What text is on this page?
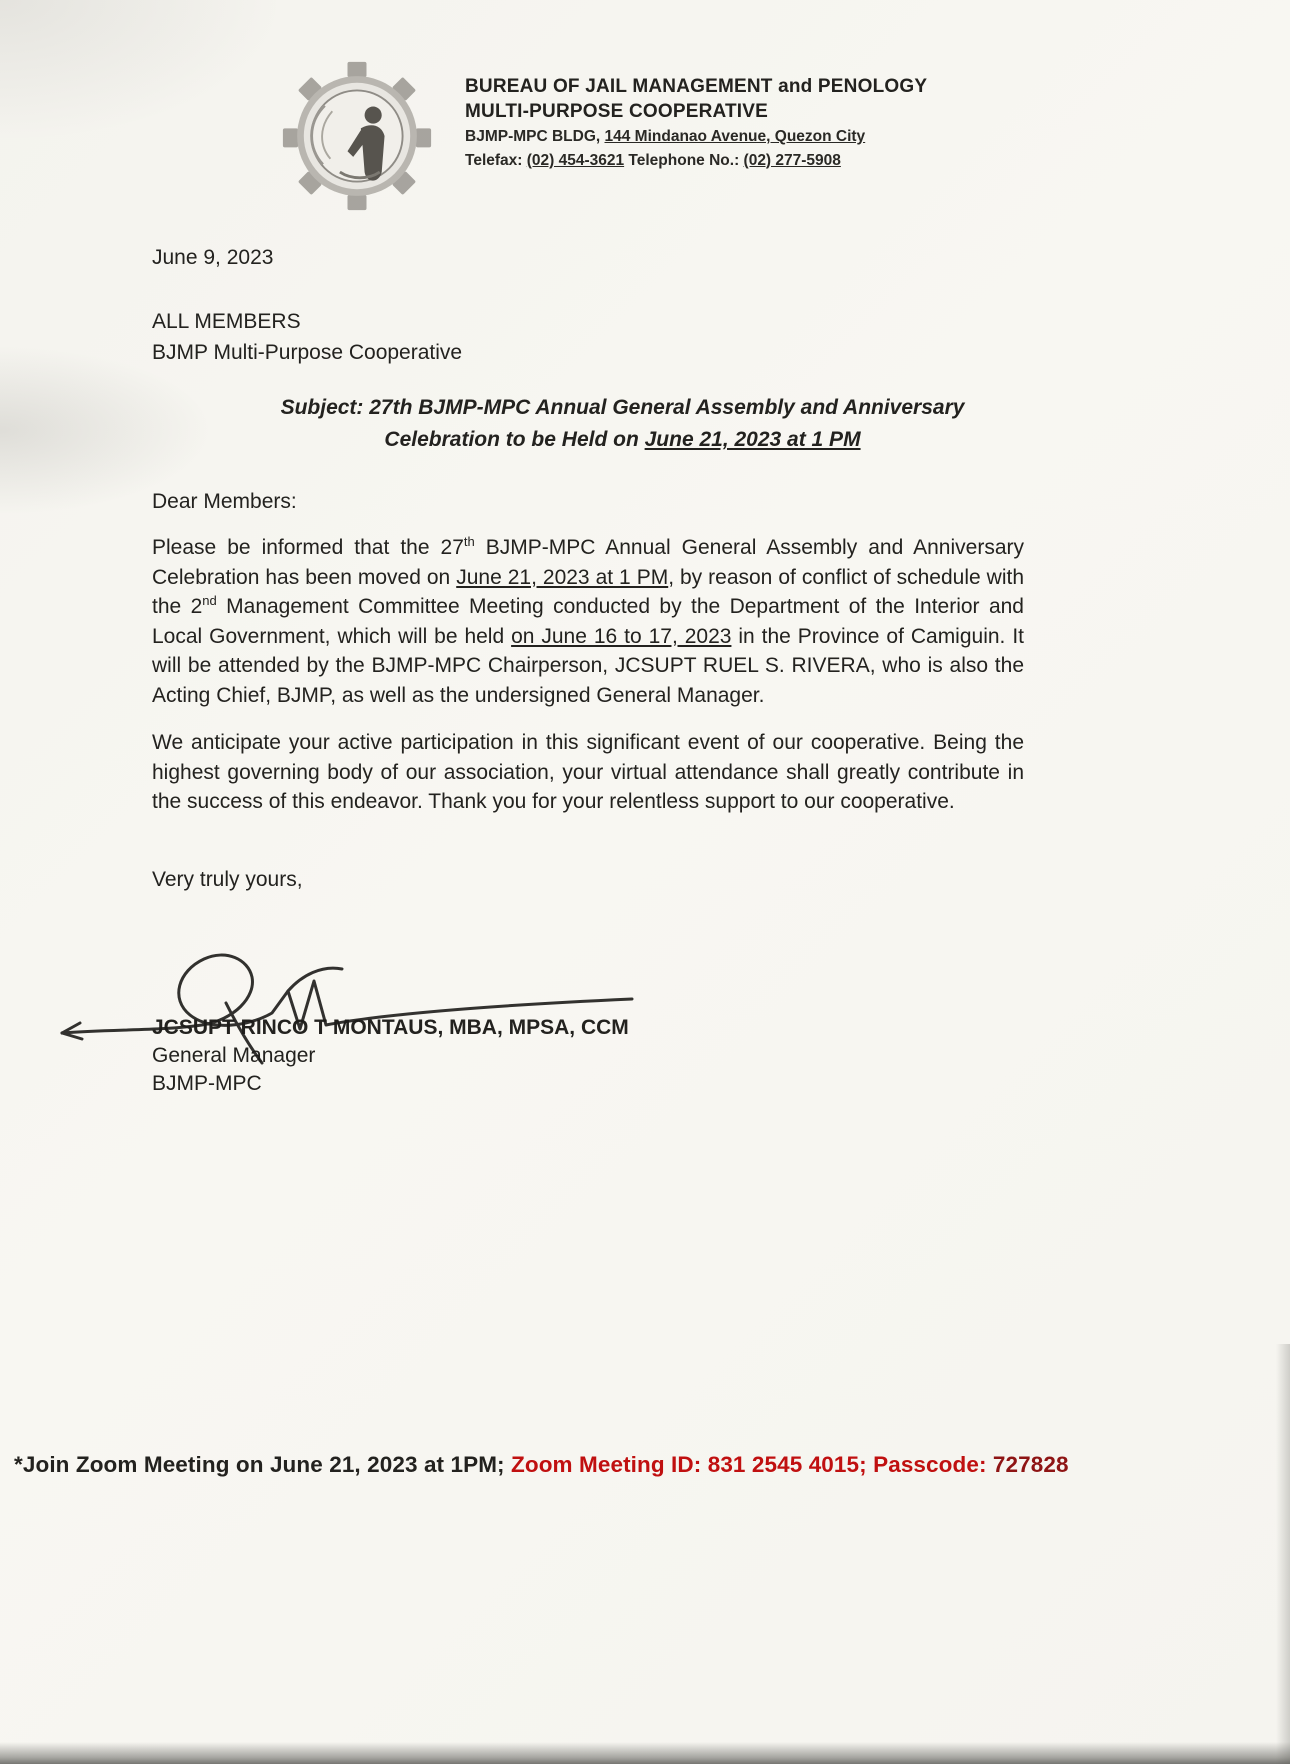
BUREAU OF JAIL MANAGEMENT and PENOLOGY
MULTI-PURPOSE COOPERATIVE
BJMP-MPC BLDG, 144 Mindanao Avenue, Quezon City
Telefax: (02) 454-3621 Telephone No.: (02) 277-5908
June 9, 2023
ALL MEMBERS
BJMP Multi-Purpose Cooperative
Subject: 27th BJMP-MPC Annual General Assembly and Anniversary
Celebration to be Held on June 21, 2023 at 1 PM
Dear Members:

Please be informed that the 27th BJMP-MPC Annual General Assembly and Anniversary Celebration has been moved on June 21, 2023 at 1 PM, by reason of conflict of schedule with the 2nd Management Committee Meeting conducted by the Department of the Interior and Local Government, which will be held on June 16 to 17, 2023 in the Province of Camiguin. It will be attended by the BJMP-MPC Chairperson, JCSUPT RUEL S. RIVERA, who is also the Acting Chief, BJMP, as well as the undersigned General Manager.

We anticipate your active participation in this significant event of our cooperative. Being the highest governing body of our association, your virtual attendance shall greatly contribute in the success of this endeavor. Thank you for your relentless support to our cooperative.

Very truly yours,
JCSUPT RINCO T MONTAUS, MBA, MPSA, CCM
General Manager
BJMP-MPC
*Join Zoom Meeting on June 21, 2023 at 1PM; Zoom Meeting ID: 831 2545 4015; Passcode: 727828
